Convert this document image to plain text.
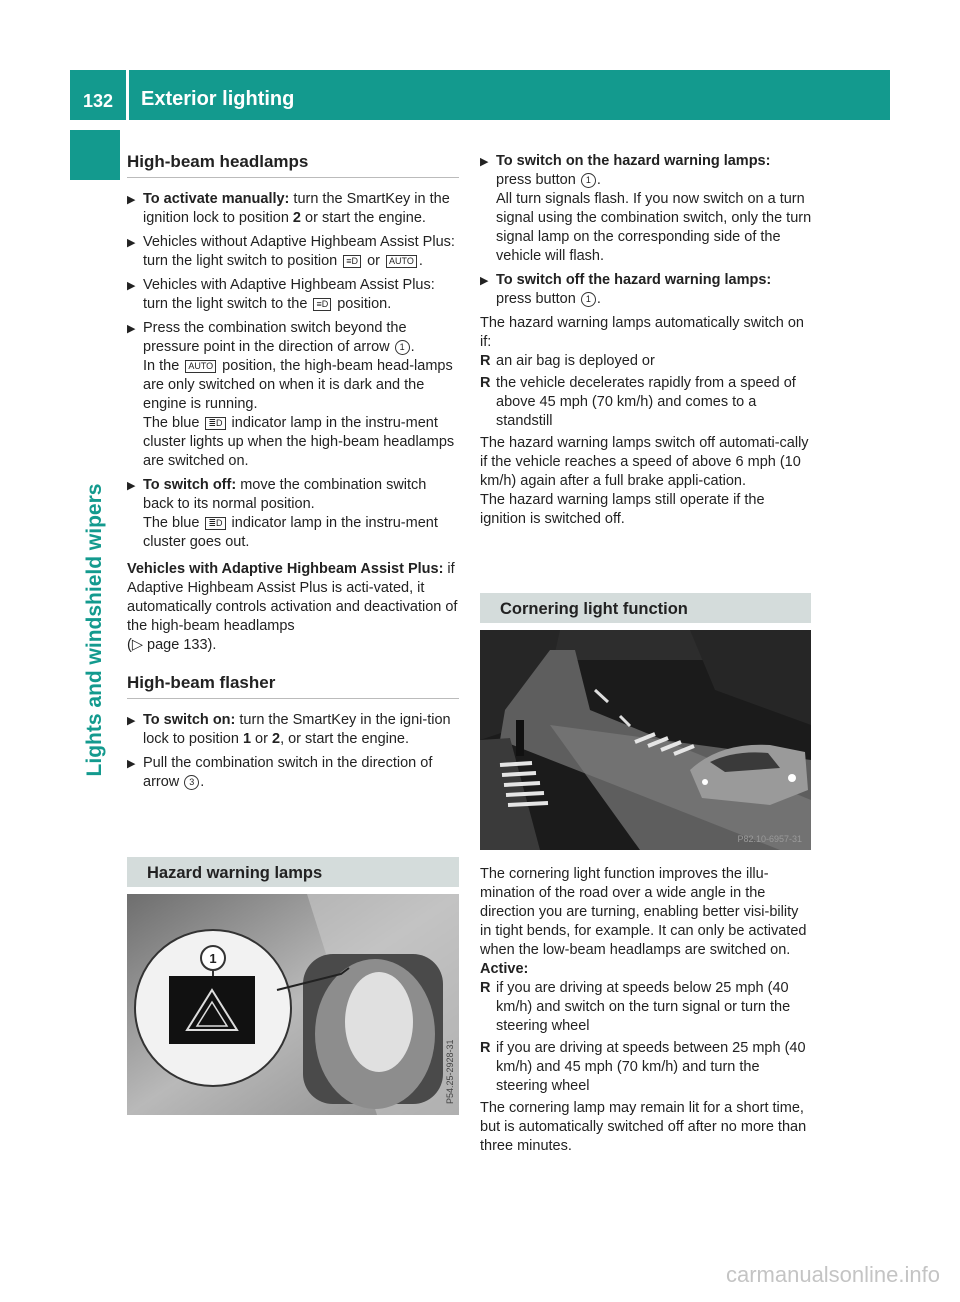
132	Exterior lighting
Lights and windshield wipers
High-beam headlamps
▶ To activate manually: turn the SmartKey in the ignition lock to position 2 or start the engine.
▶ Vehicles without Adaptive Highbeam Assist Plus: turn the light switch to position ≡D or AUTO .
▶ Vehicles with Adaptive Highbeam Assist Plus: turn the light switch to the ≡D position.
▶ Press the combination switch beyond the pressure point in the direction of arrow 1 .
In the AUTO position, the high-beam head-lamps are only switched on when it is dark and the engine is running.

The blue ≣D indicator lamp in the instru-ment cluster lights up when the high-beam headlamps are switched on.

▶ To switch off: move the combination switch back to its normal position.
The blue ≣D indicator lamp in the instru-ment cluster goes out.

Vehicles with Adaptive Highbeam Assist Plus: if Adaptive Highbeam Assist Plus is acti-vated, it automatically controls activation and deactivation of the high-beam headlamps
(▷ page 133).

High-beam flasher
▶ To switch on: turn the SmartKey in the igni-tion lock to position 1 or 2, or start the engine.
▶ Pull the combination switch in the direction of arrow 3 .
Hazard warning lamps
1
P54.25-2928-31
▶ To switch on the hazard warning lamps:
press button 1 .
All turn signals flash. If you now switch on a turn signal using the combination switch, only the turn signal lamp on the corresponding side of the vehicle will flash.
▶ To switch off the hazard warning lamps:
press button 1 .

The hazard warning lamps automatically switch on if:

R an air bag is deployed or
R the vehicle decelerates rapidly from a speed of above 45 mph (70 km/h) and comes to a standstill

The hazard warning lamps switch off automati-cally if the vehicle reaches a speed of above 6 mph (10 km/h) again after a full brake appli-cation.

The hazard warning lamps still operate if the ignition is switched off.

Cornering light function
P82.10-6957-31

The cornering light function improves the illu-mination of the road over a wide angle in the direction you are turning, enabling better visi-bility in tight bends, for example. It can only be activated when the low-beam headlamps are switched on.

Active:

R if you are driving at speeds below 25 mph (40 km/h) and switch on the turn signal or turn the steering wheel
R if you are driving at speeds between 25 mph (40 km/h) and 45 mph (70 km/h) and turn the steering wheel

The cornering lamp may remain lit for a short time, but is automatically switched off after no more than three minutes.

carmanualsonline.info
